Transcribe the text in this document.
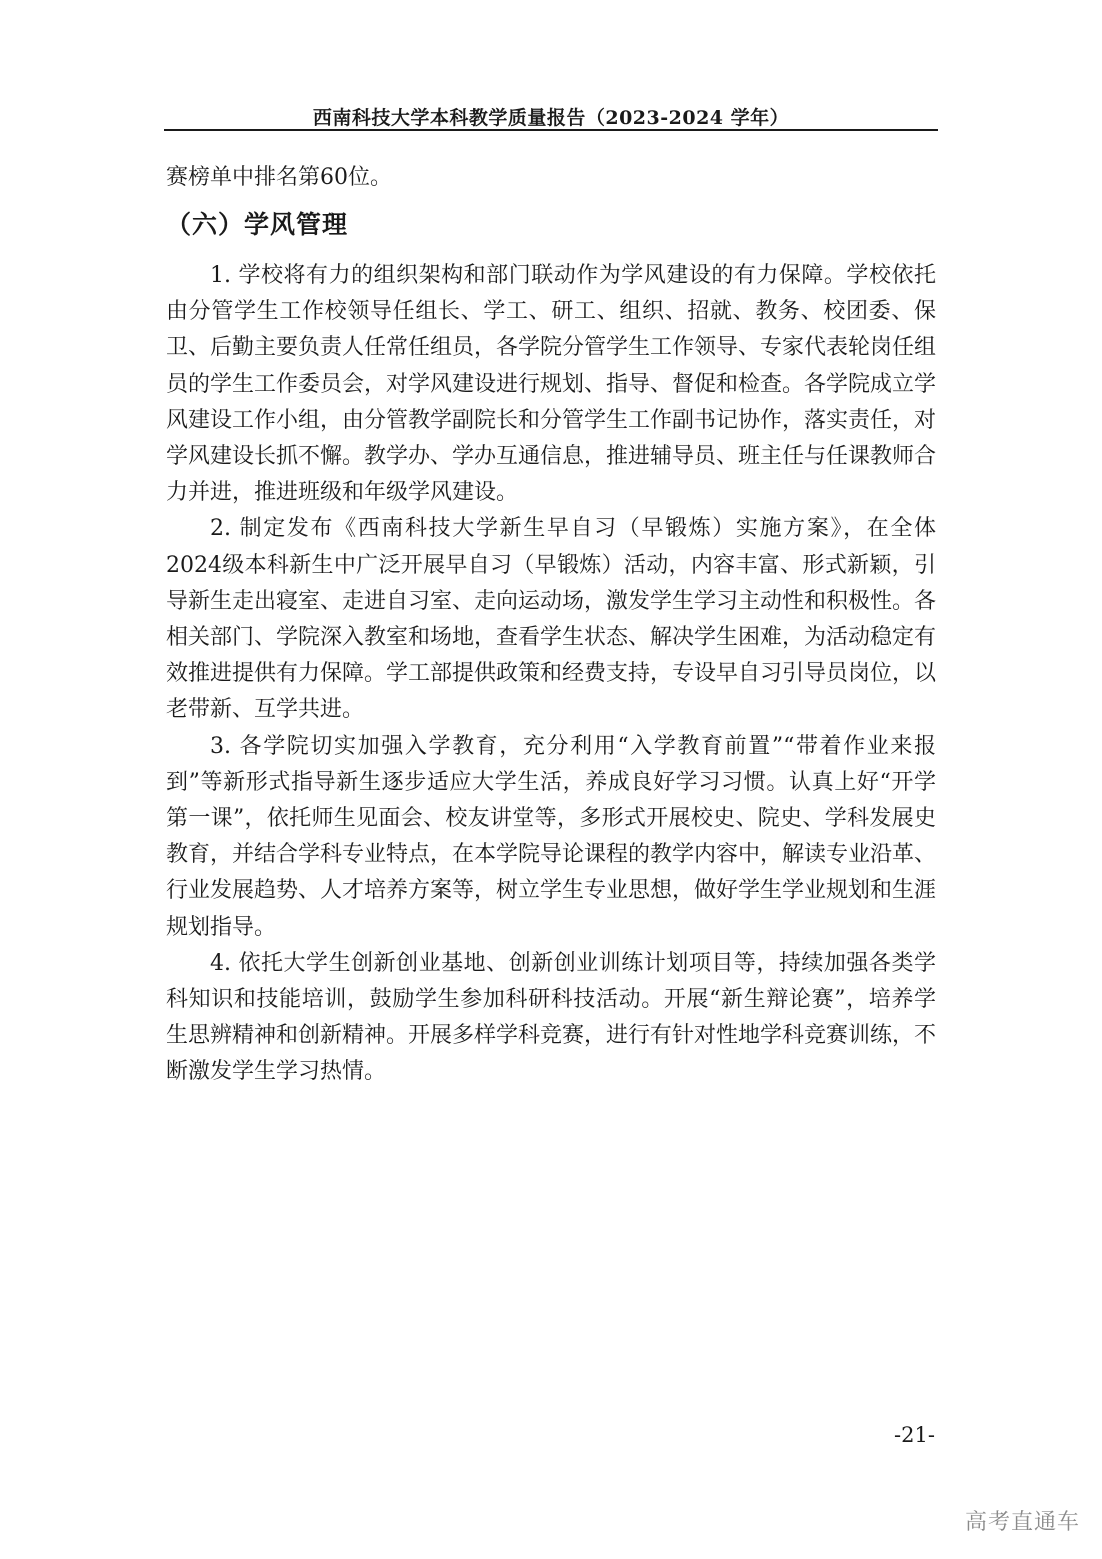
西南科技大学本科教学质量报告（2023-2024 学年）

赛榜单中排名第60位。

（六）学风管理

1. 学校将有力的组织架构和部门联动作为学风建设的有力保障。学校依托由分管学生工作校领导任组长、学工、研工、组织、招就、教务、校团委、保卫、后勤主要负责人任常任组员，各学院分管学生工作领导、专家代表轮岗任组员的学生工作委员会，对学风建设进行规划、指导、督促和检查。各学院成立学风建设工作小组，由分管教学副院长和分管学生工作副书记协作，落实责任，对学风建设长抓不懈。教学办、学办互通信息，推进辅导员、班主任与任课教师合力并进，推进班级和年级学风建设。

2. 制定发布《西南科技大学新生早自习（早锻炼）实施方案》，在全体2024级本科新生中广泛开展早自习（早锻炼）活动，内容丰富、形式新颖，引导新生走出寝室、走进自习室、走向运动场，激发学生学习主动性和积极性。各相关部门、学院深入教室和场地，查看学生状态、解决学生困难，为活动稳定有效推进提供有力保障。学工部提供政策和经费支持，专设早自习引导员岗位，以老带新、互学共进。

3. 各学院切实加强入学教育，充分利用“入学教育前置”“带着作业来报到”等新形式指导新生逐步适应大学生活，养成良好学习习惯。认真上好“开学第一课”，依托师生见面会、校友讲堂等，多形式开展校史、院史、学科发展史教育，并结合学科专业特点，在本学院导论课程的教学内容中，解读专业沿革、行业发展趋势、人才培养方案等，树立学生专业思想，做好学生学业规划和生涯规划指导。

4. 依托大学生创新创业基地、创新创业训练计划项目等，持续加强各类学科知识和技能培训，鼓励学生参加科研科技活动。开展“新生辩论赛”，培养学生思辨精神和创新精神。开展多样学科竞赛，进行有针对性地学科竞赛训练，不断激发学生学习热情。

-21-
高考直通车
